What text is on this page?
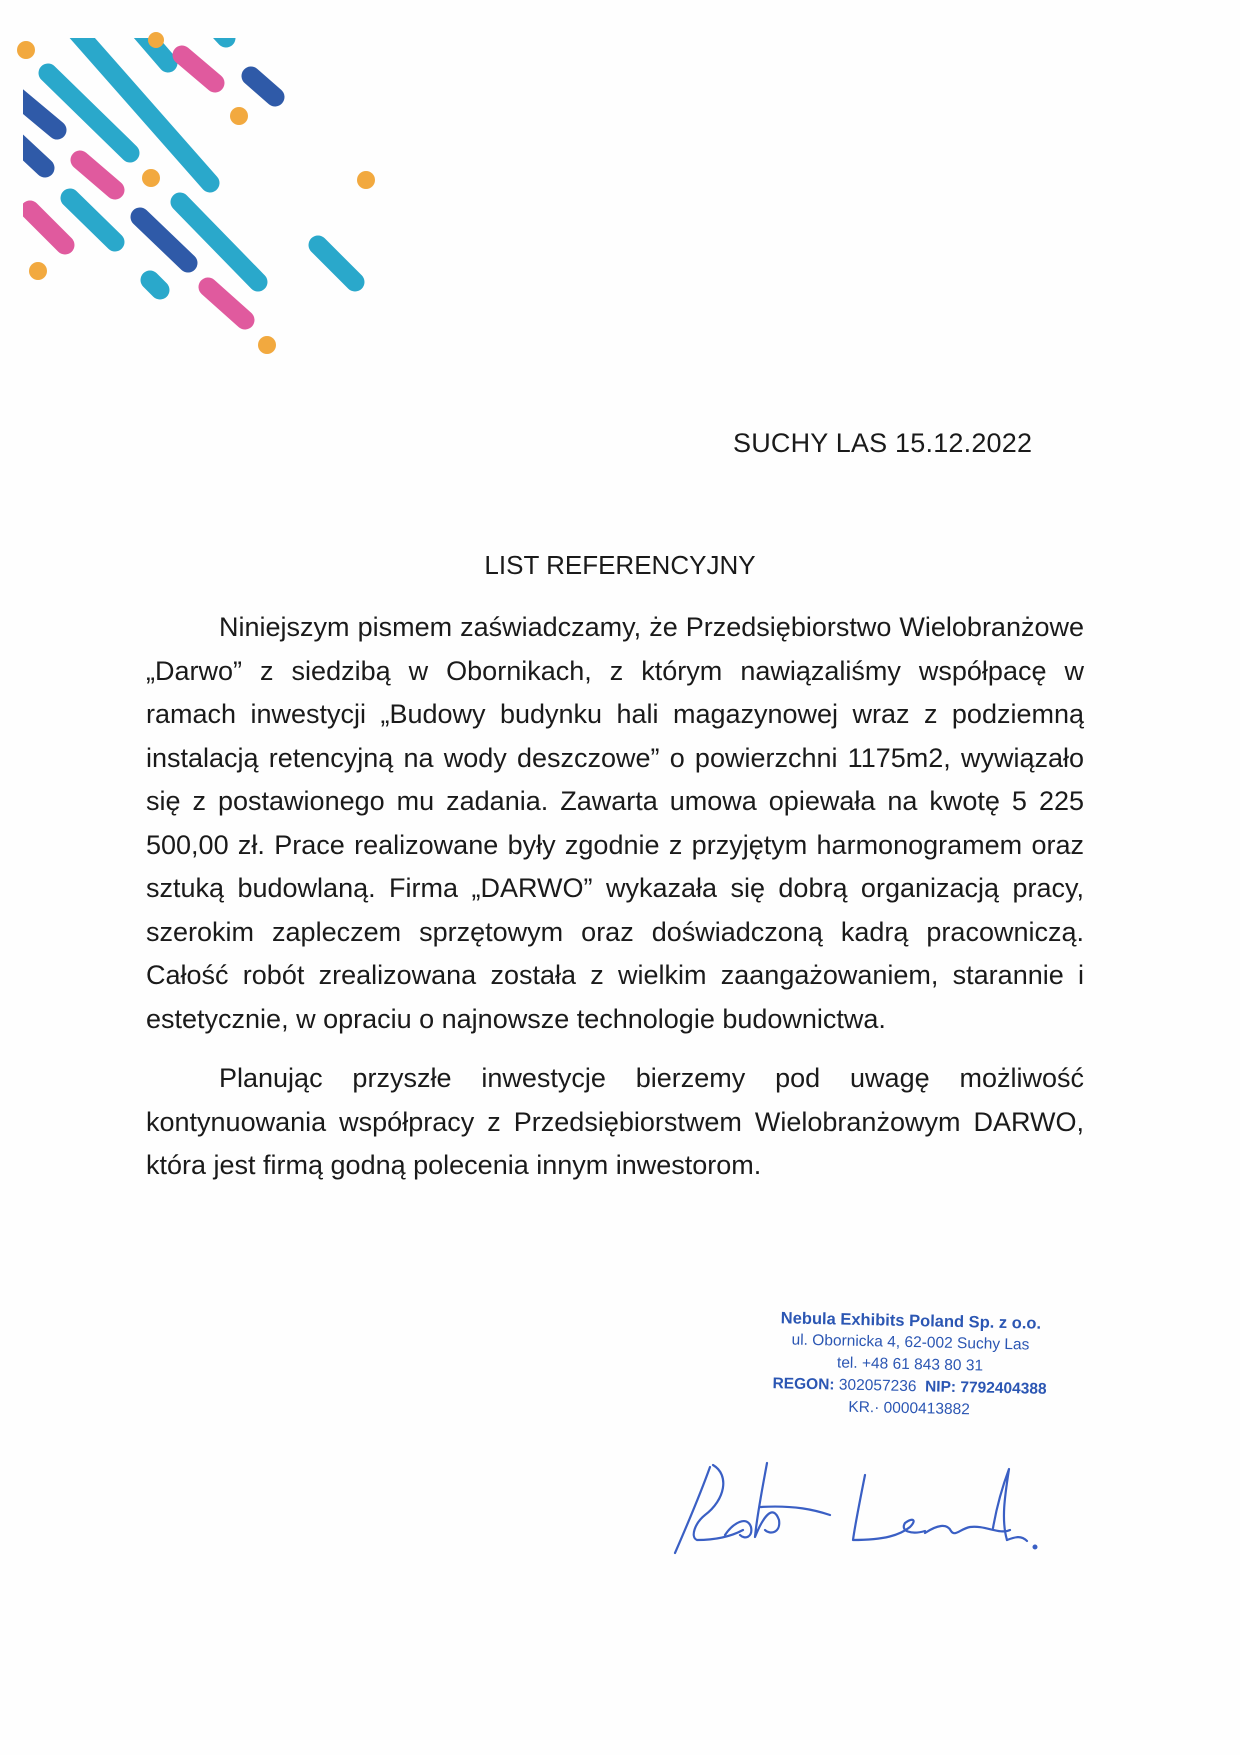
SUCHY LAS 15.12.2022
LIST REFERENCYJNY

Niniejszym pismem zaświadczamy, że Przedsiębiorstwo Wielobranżowe „Darwo” z siedzibą w Obornikach, z którym nawiązaliśmy współpacę w ramach inwestycji „Budowy budynku hali magazynowej wraz z podziemną instalacją retencyjną na wody deszczowe” o powierzchni 1175m2, wywiązało się z postawionego mu zadania. Zawarta umowa opiewała na kwotę 5 225 500,00 zł. Prace realizowane były zgodnie z przyjętym harmonogramem oraz sztuką budowlaną. Firma „DARWO” wykazała się dobrą organizacją pracy, szerokim zapleczem sprzętowym oraz doświadczoną kadrą pracowniczą. Całość robót zrealizowana została z wielkim zaangażowaniem, starannie i estetycznie, w opraciu o najnowsze technologie budownictwa.

Planując przyszłe inwestycje bierzemy pod uwagę możliwość kontynuowania współpracy z Przedsiębiorstwem Wielobranżowym DARWO, która jest firmą godną polecenia innym inwestorom.

Nebula Exhibits Poland Sp. z o.o.
ul. Obornicka 4, 62-002 Suchy Las
tel. +48 61 843 80 31
REGON: 302057236 NIP: 7792404388
KR.· 0000413882
